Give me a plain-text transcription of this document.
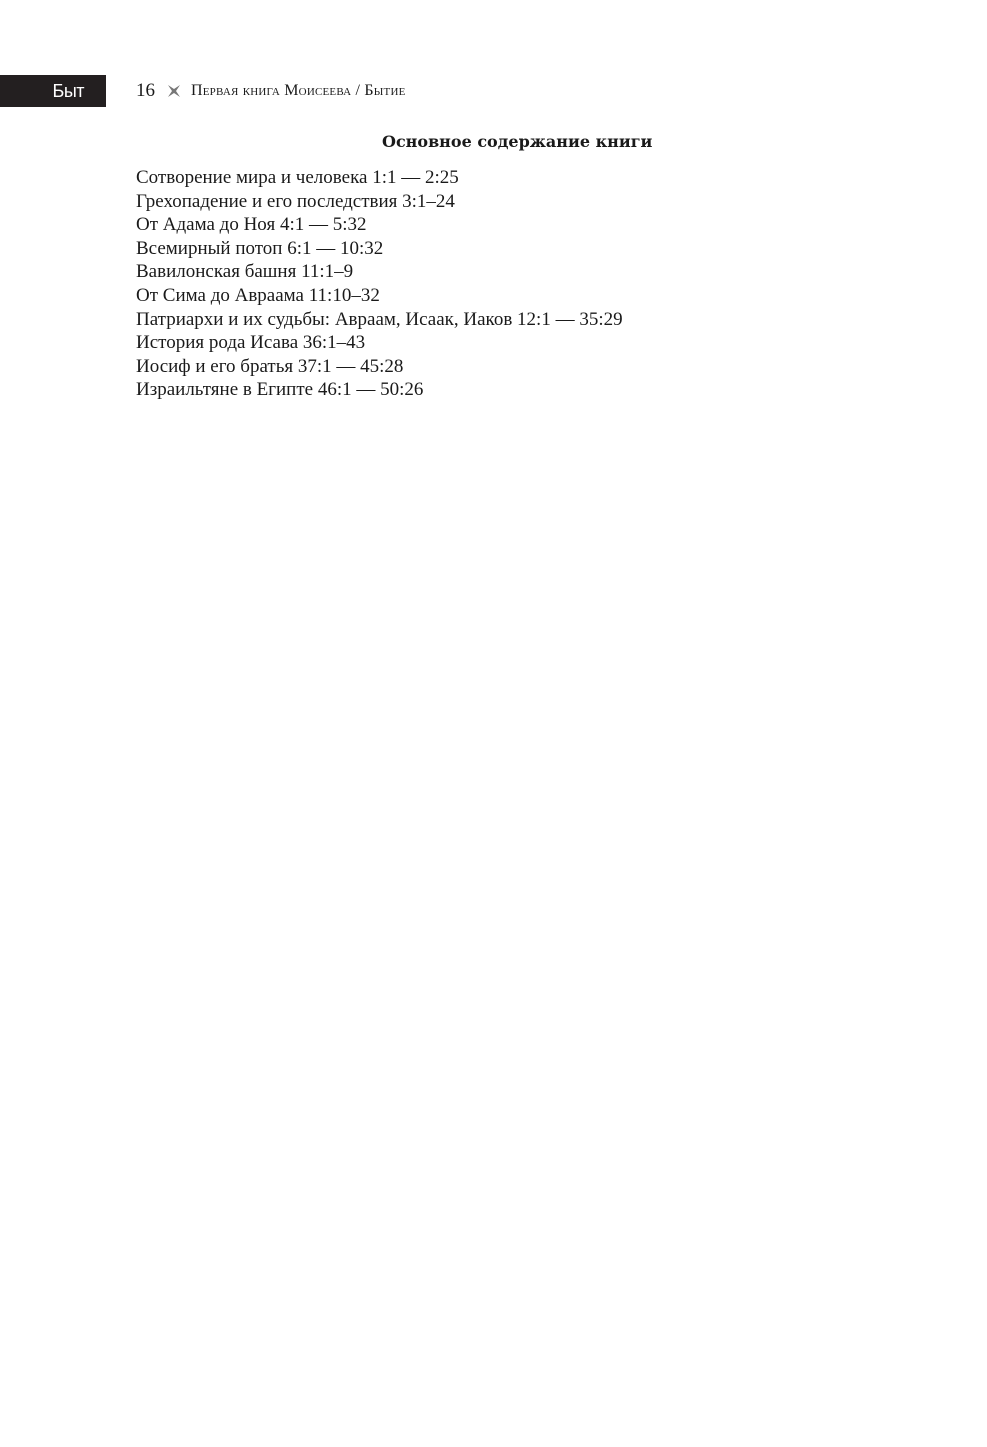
Быт	16 Первая книга Моисеева / Бытие
Основное содержание книги
Сотворение мира и человека 1:1 — 2:25
Грехопадение и его последствия 3:1–24
От Адама до Ноя 4:1 — 5:32
Всемирный потоп 6:1 — 10:32
Вавилонская башня 11:1–9
От Сима до Авраама 11:10–32
Патриархи и их судьбы: Авраам, Исаак, Иаков 12:1 — 35:29
История рода Исава 36:1–43
Иосиф и его братья 37:1 — 45:28
Израильтяне в Египте 46:1 — 50:26
